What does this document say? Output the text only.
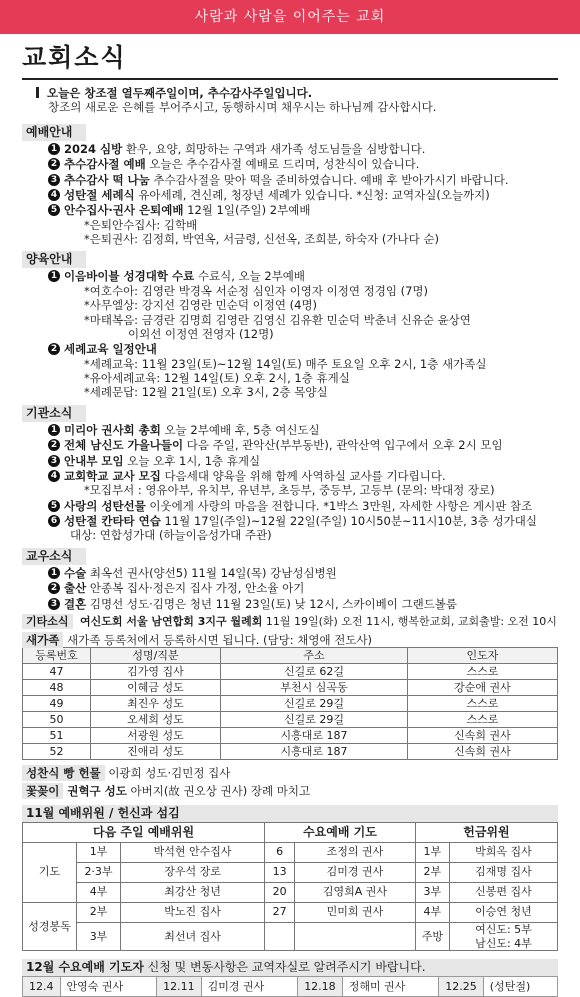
사람과 사람을 이어주는 교회
교회소식
오늘은 창조절 열두째주일이며, 추수감사주일입니다.
창조의 새로운 은혜를 부어주시고, 동행하시며 채우시는 하나님께 감사합시다.
예배안내
1 2024 심방 환우, 요양, 희망하는 구역과 새가족 성도님들을 심방합니다.
2 추수감사절 예배 오늘은 추수감사절 예배로 드리며, 성찬식이 있습니다.
3 추수감사 떡 나눔 추수감사절을 맞아 떡을 준비하였습니다. 예배 후 받아가시기 바랍니다.
4 성탄절 세례식 유아세례, 견신례, 청장년 세례가 있습니다. *신청: 교역자실(오늘까지)
5 안수집사·권사 은퇴예배 12월 1일(주일) 2부예배
*은퇴안수집사: 김학배
*은퇴권사: 김정희, 박연옥, 서금령, 신선옥, 조희분, 하숙자 (가나다 순)
양육안내
1 이음바이블 성경대학 수료 수료식, 오늘 2부예배
*여호수아: 김영란 박경옥 서순정 심인자 이영자 이정연 정경임 (7명)
*사무엘상: 강지선 김영란 민순덕 이정연 (4명)
*마태복음: 금경란 김명희 김영란 김영신 김유환 민순덕 박춘녀 신유순 윤상연
이외선 이정연 전영자 (12명)
2 세례교육 일정안내
*세례교육: 11월 23일(토)~12월 14일(토) 매주 토요일 오후 2시, 1층 새가족실
*유아세례교육: 12월 14일(토) 오후 2시, 1층 휴게실
*세례문답: 12월 21일(토) 오후 3시, 2층 목양실
기관소식
1 미리아 권사회 총회 오늘 2부예배 후, 5층 여신도실
2 전체 남신도 가을나들이 다음 주일, 관악산(부부동반), 관악산역 입구에서 오후 2시 모임
3 안내부 모임 오늘 오후 1시, 1층 휴게실
4 교회학교 교사 모집 다음세대 양육을 위해 함께 사역하실 교사를 기다립니다.
*모집부서 : 영유아부, 유치부, 유년부, 초등부, 중등부, 고등부 (문의: 박대정 장로)
5 사랑의 성탄선물 이웃에게 사랑의 마음을 전합니다. *1박스 3만원, 자세한 사항은 게시판 참조
6 성탄절 칸타타 연습 11월 17일(주일)~12월 22일(주일) 10시50분~11시10분, 3층 성가대실
대상: 연합성가대 (하늘이음성가대 주관)
교우소식
1 수술 최옥선 권사(양선5) 11월 14일(목) 강남성심병원
2 출산 안종복 집사·정은지 집사 가정, 안소율 아기
3 결혼 김명선 성도·김명은 청년 11월 23일(토) 낮 12시, 스카이베이 그랜드볼룸
기타소식 여신도회 서울 남연합회 3지구 월례회 11월 19일(화) 오전 11시, 행복한교회, 교회출발: 오전 10시
새가족 새가족 등록처에서 등록하시면 됩니다. (담당: 채영애 전도사)
등록번호	성명/직분	주소	인도자
47	김가영 집사	신길로 62길	스스로
48	이혜금 성도	부천시 심곡동	강순애 권사
49	최진우 성도	신길로 29길	스스로
50	오세희 성도	신길로 29길	스스로
51	서광원 성도	시흥대로 187	신속희 권사
52	진애리 성도	시흥대로 187	신속희 권사
성찬식 빵 헌물 이광희 성도·김민정 집사
꽃꽂이 권혁구 성도 아버지(故 권오상 권사) 장례 마치고
11월 예배위원 / 헌신과 섬김
다음 주일 예배위원			수요예배 기도		헌금위원	
기도	1부	박석현 안수집사	6	조정의 권사	1부	박희옥 집사
	2·3부	장우석 장로	13	김미경 권사	2부	김재명 집사
	4부	최강산 청년	20	김영희A 권사	3부	신봉편 집사
성경봉독	2부	박노진 집사	27	민미희 권사	4부	이승연 청년
	3부	최선녀 집사			주방	여신도: 5부
남신도: 4부
12월 수요예배 기도자 신청 및 변동사항은 교역자실로 알려주시기 바랍니다.
12.4	안영숙 권사	12.11	김미경 권사	12.18	정해미 권사	12.25	(성탄절)
